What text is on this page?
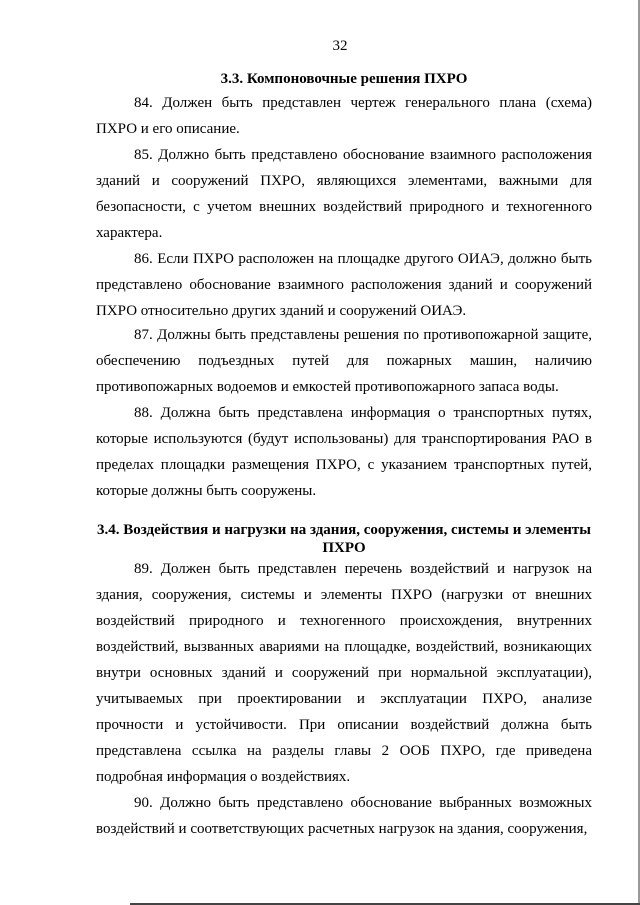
32
3.3. Компоновочные решения ПХРО

84. Должен быть представлен чертеж генерального плана (схема) ПХРО и его описание.

85. Должно быть представлено обоснование взаимного расположения зданий и сооружений ПХРО, являющихся элементами, важными для безопасности, с учетом внешних воздействий природного и техногенного характера.

86. Если ПХРО расположен на площадке другого ОИАЭ, должно быть представлено обоснование взаимного расположения зданий и сооружений ПХРО относительно других зданий и сооружений ОИАЭ.

87. Должны быть представлены решения по противопожарной защите, обеспечению подъездных путей для пожарных машин, наличию противопожарных водоемов и емкостей противопожарного запаса воды.

88. Должна быть представлена информация о транспортных путях, которые используются (будут использованы) для транспортирования РАО в пределах площадки размещения ПХРО, с указанием транспортных путей, которые должны быть сооружены.

3.4. Воздействия и нагрузки на здания, сооружения, системы и элементы
ПХРО

89. Должен быть представлен перечень воздействий и нагрузок на здания, сооружения, системы и элементы ПХРО (нагрузки от внешних воздействий природного и техногенного происхождения, внутренних воздействий, вызванных авариями на площадке, воздействий, возникающих внутри основных зданий и сооружений при нормальной эксплуатации), учитываемых при проектировании и эксплуатации ПХРО, анализе прочности и устойчивости. При описании воздействий должна быть представлена ссылка на разделы главы 2 ООБ ПХРО, где приведена подробная информация о воздействиях.

90. Должно быть представлено обоснование выбранных возможных воздействий и соответствующих расчетных нагрузок на здания, сооружения,
